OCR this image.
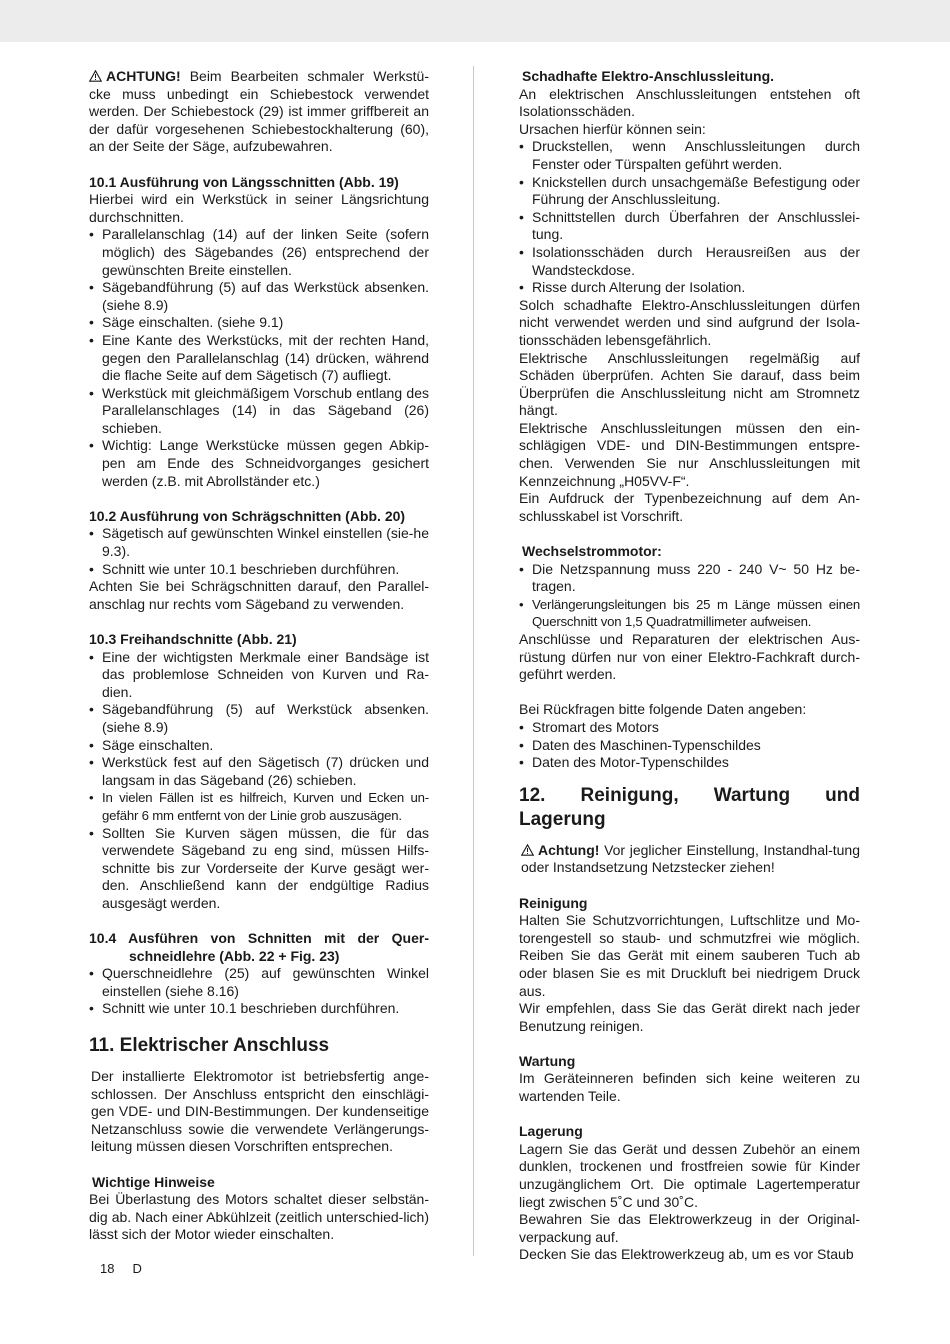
ACHTUNG! Beim Bearbeiten schmaler Werkstü-cke muss unbedingt ein Schiebestock verwendet werden. Der Schiebestock (29) ist immer griffbereit an der dafür vorgesehenen Schiebestockhalterung (60), an der Seite der Säge, aufzubewahren.

10.1 Ausführung von Längsschnitten (Abb. 19)

Hierbei wird ein Werkstück in seiner Längsrichtung durchschnitten.

• Parallelanschlag (14) auf der linken Seite (sofern möglich) des Sägebandes (26) entsprechend der gewünschten Breite einstellen.
• Sägebandführung (5) auf das Werkstück absenken. (siehe 8.9)
• Säge einschalten. (siehe 9.1)
• Eine Kante des Werkstücks, mit der rechten Hand, gegen den Parallelanschlag (14) drücken, während die flache Seite auf dem Sägetisch (7) aufliegt.
• Werkstück mit gleichmäßigem Vorschub entlang des Parallelanschlages (14) in das Sägeband (26) schieben.
• Wichtig: Lange Werkstücke müssen gegen Abkip-pen am Ende des Schneidvorganges gesichert werden (z.B. mit Abrollständer etc.)

10.2 Ausführung von Schrägschnitten (Abb. 20)

• Sägetisch auf gewünschten Winkel einstellen (sie-he 9.3).
• Schnitt wie unter 10.1 beschrieben durchführen.

Achten Sie bei Schrägschnitten darauf, den Parallel-anschlag nur rechts vom Sägeband zu verwenden.

10.3 Freihandschnitte (Abb. 21)

• Eine der wichtigsten Merkmale einer Bandsäge ist das problemlose Schneiden von Kurven und Ra-dien.
• Sägebandführung (5) auf Werkstück absenken. (siehe 8.9)
• Säge einschalten.
• Werkstück fest auf den Sägetisch (7) drücken und langsam in das Sägeband (26) schieben.
• In vielen Fällen ist es hilfreich, Kurven und Ecken un-gefähr 6 mm entfernt von der Linie grob auszusägen.
• Sollten Sie Kurven sägen müssen, die für das verwendete Sägeband zu eng sind, müssen Hilfs-schnitte bis zur Vorderseite der Kurve gesägt wer-den. Anschließend kann der endgültige Radius ausgesägt werden.

10.4 Ausführen von Schnitten mit der Quer-schneidlehre (Abb. 22 + Fig. 23)

• Querschneidlehre (25) auf gewünschten Winkel einstellen (siehe 8.16)
• Schnitt wie unter 10.1 beschrieben durchführen.

11. Elektrischer Anschluss

Der installierte Elektromotor ist betriebsfertig ange-schlossen. Der Anschluss entspricht den einschlägi-gen VDE- und DIN-Bestimmungen. Der kundenseitige Netzanschluss sowie die verwendete Verlängerungs-leitung müssen diesen Vorschriften entsprechen.

Wichtige Hinweise

Bei Überlastung des Motors schaltet dieser selbstän-dig ab. Nach einer Abkühlzeit (zeitlich unterschied-lich) lässt sich der Motor wieder einschalten.

Schadhafte Elektro-Anschlussleitung.

An elektrischen Anschlussleitungen entstehen oft Isolationsschäden.

Ursachen hierfür können sein:

• Druckstellen, wenn Anschlussleitungen durch Fenster oder Türspalten geführt werden.
• Knickstellen durch unsachgemäße Befestigung oder Führung der Anschlussleitung.
• Schnittstellen durch Überfahren der Anschlusslei-tung.
• Isolationsschäden durch Herausreißen aus der Wandsteckdose.
• Risse durch Alterung der Isolation.

Solch schadhafte Elektro-Anschlussleitungen dürfen nicht verwendet werden und sind aufgrund der Isola-tionsschäden lebensgefährlich.

Elektrische Anschlussleitungen regelmäßig auf Schäden überprüfen. Achten Sie darauf, dass beim Überprüfen die Anschlussleitung nicht am Stromnetz hängt.

Elektrische Anschlussleitungen müssen den ein-schlägigen VDE- und DIN-Bestimmungen entspre-chen. Verwenden Sie nur Anschlussleitungen mit Kennzeichnung „H05VV-F“.

Ein Aufdruck der Typenbezeichnung auf dem An-schlusskabel ist Vorschrift.

Wechselstrommotor:

• Die Netzspannung muss 220 - 240 V~ 50 Hz be-tragen.
• Verlängerungsleitungen bis 25 m Länge müssen einen Querschnitt von 1,5 Quadratmillimeter aufweisen.

Anschlüsse und Reparaturen der elektrischen Aus-rüstung dürfen nur von einer Elektro-Fachkraft durch-geführt werden.

Bei Rückfragen bitte folgende Daten angeben:

• Stromart des Motors
• Daten des Maschinen-Typenschildes
• Daten des Motor-Typenschildes

12. Reinigung, Wartung und Lagerung

Achtung! Vor jeglicher Einstellung, Instandhal-tung oder Instandsetzung Netzstecker ziehen!

Reinigung

Halten Sie Schutzvorrichtungen, Luftschlitze und Mo-torengestell so staub- und schmutzfrei wie möglich. Reiben Sie das Gerät mit einem sauberen Tuch ab oder blasen Sie es mit Druckluft bei niedrigem Druck aus.

Wir empfehlen, dass Sie das Gerät direkt nach jeder Benutzung reinigen.

Wartung

Im Geräteinneren befinden sich keine weiteren zu wartenden Teile.

Lagerung

Lagern Sie das Gerät und dessen Zubehör an einem dunklen, trockenen und frostfreien sowie für Kinder unzugänglichem Ort. Die optimale Lagertemperatur liegt zwischen 5˚C und 30˚C.

Bewahren Sie das Elektrowerkzeug in der Original-verpackung auf.

Decken Sie das Elektrowerkzeug ab, um es vor Staub

18 D
